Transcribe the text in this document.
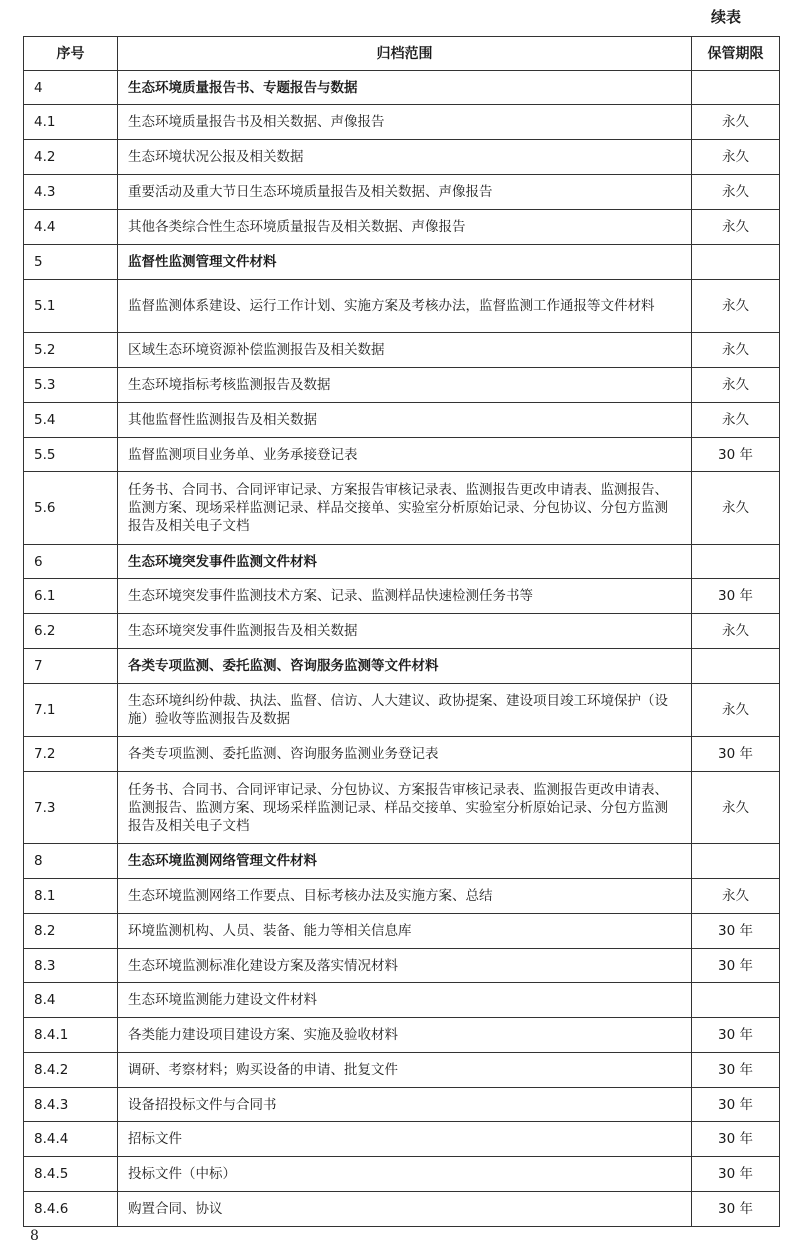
续表
序号	归档范围	保管期限
4	生态环境质量报告书、专题报告与数据	
4.1	生态环境质量报告书及相关数据、声像报告	永久
4.2	生态环境状况公报及相关数据	永久
4.3	重要活动及重大节日生态环境质量报告及相关数据、声像报告	永久
4.4	其他各类综合性生态环境质量报告及相关数据、声像报告	永久
5	监督性监测管理文件材料	
5.1	监督监测体系建设、运行工作计划、实施方案及考核办法，监督监测工作通报等文件材料	永久
5.2	区域生态环境资源补偿监测报告及相关数据	永久
5.3	生态环境指标考核监测报告及数据	永久
5.4	其他监督性监测报告及相关数据	永久
5.5	监督监测项目业务单、业务承接登记表	30 年
5.6	任务书、合同书、合同评审记录、方案报告审核记录表、监测报告更改申请表、监测报告、监测方案、现场采样监测记录、样品交接单、实验室分析原始记录、分包协议、分包方监测报告及相关电子文档	永久
6	生态环境突发事件监测文件材料	
6.1	生态环境突发事件监测技术方案、记录、监测样品快速检测任务书等	30 年
6.2	生态环境突发事件监测报告及相关数据	永久
7	各类专项监测、委托监测、咨询服务监测等文件材料	
7.1	生态环境纠纷仲裁、执法、监督、信访、人大建议、政协提案、建设项目竣工环境保护（设施）验收等监测报告及数据	永久
7.2	各类专项监测、委托监测、咨询服务监测业务登记表	30 年
7.3	任务书、合同书、合同评审记录、分包协议、方案报告审核记录表、监测报告更改申请表、监测报告、监测方案、现场采样监测记录、样品交接单、实验室分析原始记录、分包方监测报告及相关电子文档	永久
8	生态环境监测网络管理文件材料	
8.1	生态环境监测网络工作要点、目标考核办法及实施方案、总结	永久
8.2	环境监测机构、人员、装备、能力等相关信息库	30 年
8.3	生态环境监测标准化建设方案及落实情况材料	30 年
8.4	生态环境监测能力建设文件材料	
8.4.1	各类能力建设项目建设方案、实施及验收材料	30 年
8.4.2	调研、考察材料；购买设备的申请、批复文件	30 年
8.4.3	设备招投标文件与合同书	30 年
8.4.4	招标文件	30 年
8.4.5	投标文件（中标）	30 年
8.4.6	购置合同、协议	30 年
8
